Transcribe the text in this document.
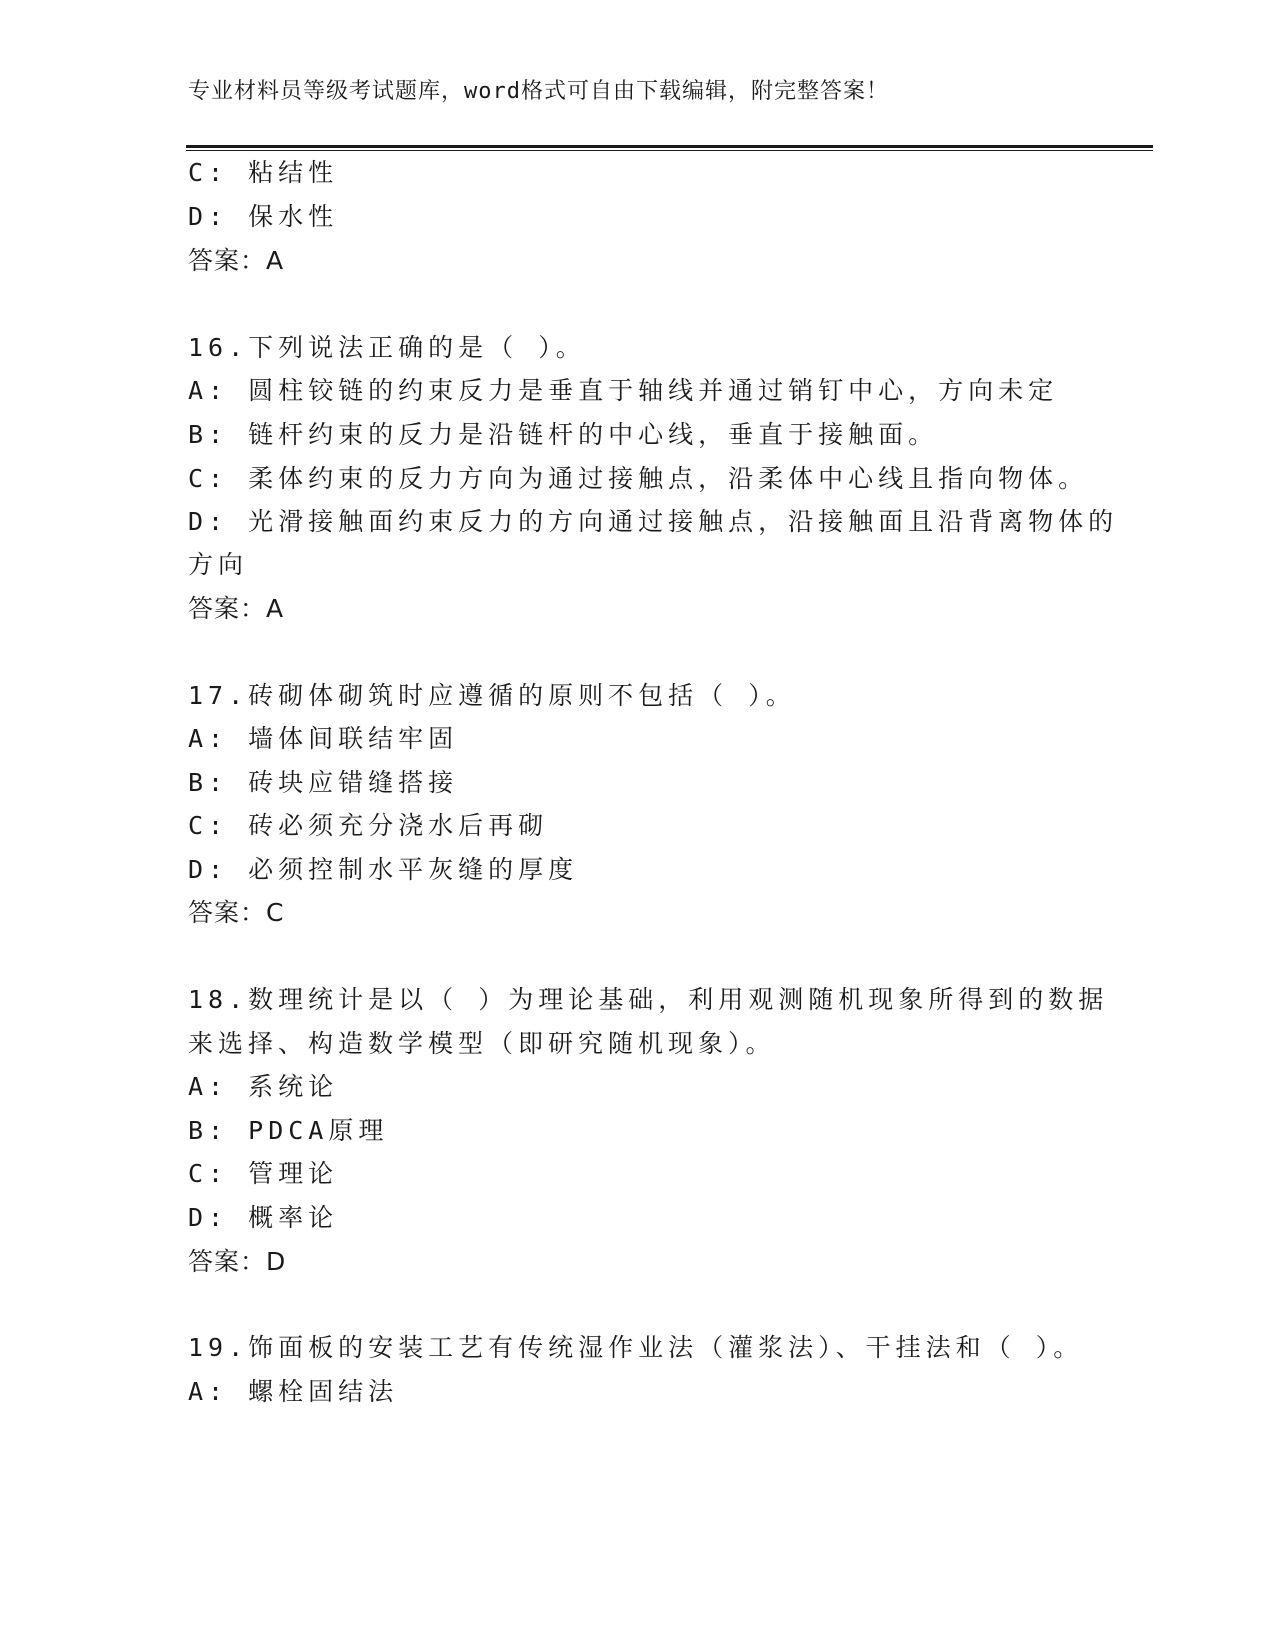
专业材料员等级考试题库，word格式可自由下载编辑，附完整答案！
C: 粘结性
D: 保水性
答案：A
16.下列说法正确的是（ ）。
A: 圆柱铰链的约束反力是垂直于轴线并通过销钉中心，方向未定
B: 链杆约束的反力是沿链杆的中心线，垂直于接触面。
C: 柔体约束的反力方向为通过接触点，沿柔体中心线且指向物体。
D: 光滑接触面约束反力的方向通过接触点，沿接触面且沿背离物体的
方向
答案：A
17.砖砌体砌筑时应遵循的原则不包括（ ）。
A: 墙体间联结牢固
B: 砖块应错缝搭接
C: 砖必须充分浇水后再砌
D: 必须控制水平灰缝的厚度
答案：C
18.数理统计是以（ ）为理论基础，利用观测随机现象所得到的数据
来选择、构造数学模型（即研究随机现象）。
A: 系统论
B: PDCA原理
C: 管理论
D: 概率论
答案：D
19.饰面板的安装工艺有传统湿作业法（灌浆法）、干挂法和（ ）。
A: 螺栓固结法
